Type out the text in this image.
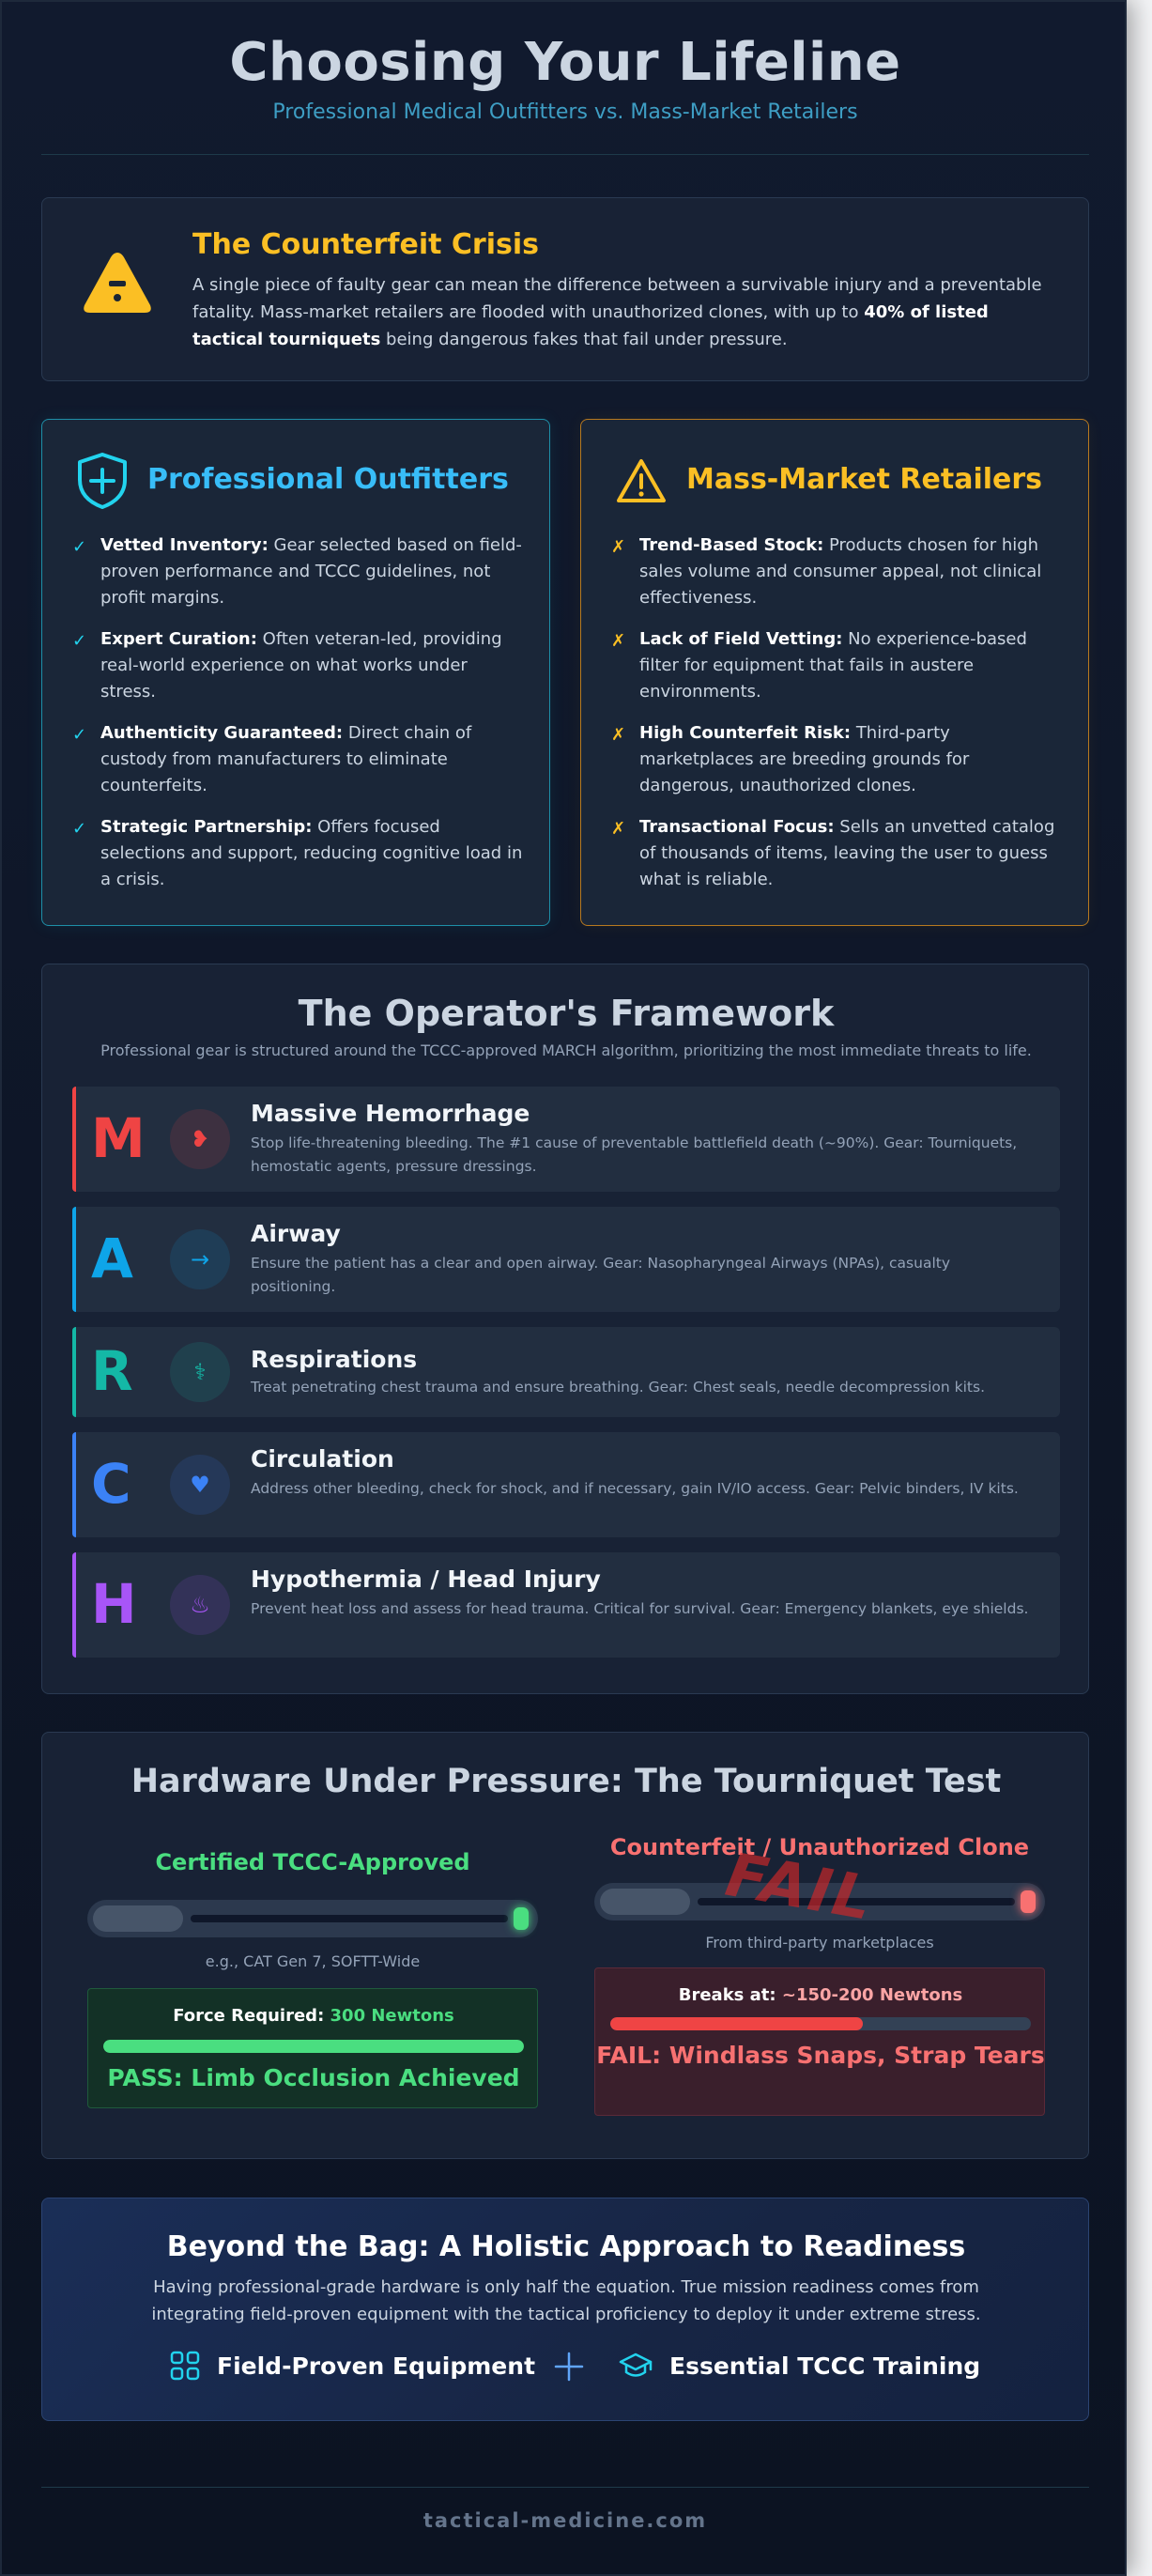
Choosing Your Lifeline
Professional Medical Outfitters vs. Mass-Market Retailers
The Counterfeit Crisis

A single piece of faulty gear can mean the difference between a survivable injury and a preventable fatality. Mass-market retailers are flooded with unauthorized clones, with up to 40% of listed tactical tourniquets being dangerous fakes that fail under pressure.

Professional Outfitters
✓ Vetted Inventory: Gear selected based on field-proven performance and TCCC guidelines, not profit margins.
✓ Expert Curation: Often veteran-led, providing real-world experience on what works under stress.
✓ Authenticity Guaranteed: Direct chain of custody from manufacturers to eliminate counterfeits.
✓ Strategic Partnership: Offers focused selections and support, reducing cognitive load in a crisis.
Mass-Market Retailers
✗ Trend-Based Stock: Products chosen for high sales volume and consumer appeal, not clinical effectiveness.
✗ Lack of Field Vetting: No experience-based filter for equipment that fails in austere environments.
✗ High Counterfeit Risk: Third-party marketplaces are breeding grounds for dangerous, unauthorized clones.
✗ Transactional Focus: Sells an unvetted catalog of thousands of items, leaving the user to guess what is reliable.
The Operator's Framework
Professional gear is structured around the TCCC-approved MARCH algorithm, prioritizing the most immediate threats to life.
M	❥
Massive Hemorrhage
Stop life-threatening bleeding. The #1 cause of preventable battlefield death (~90%). Gear: Tourniquets, hemostatic agents, pressure dressings.
A	→
Airway
Ensure the patient has a clear and open airway. Gear: Nasopharyngeal Airways (NPAs), casualty positioning.
R	⚕	Respirations
Treat penetrating chest trauma and ensure breathing. Gear: Chest seals, needle decompression kits.
C	♥
Circulation
Address other bleeding, check for shock, and if necessary, gain IV/IO access. Gear: Pelvic binders, IV kits.
H	♨
Hypothermia / Head Injury
Prevent heat loss and assess for head trauma. Critical for survival. Gear: Emergency blankets, eye shields.
Hardware Under Pressure: The Tourniquet Test
Certified TCCC-Approved
e.g., CAT Gen 7, SOFTT-Wide
Force Required: 300 Newtons
PASS: Limb Occlusion Achieved
Counterfeit / Unauthorized Clone
FAIL
From third-party marketplaces
Breaks at: ~150-200 Newtons
FAIL: Windlass Snaps, Strap Tears
Beyond the Bag: A Holistic Approach to Readiness

Having professional-grade hardware is only half the equation. True mission readiness comes from integrating field-proven equipment with the tactical proficiency to deploy it under extreme stress.

Field-Proven Equipment	Essential TCCC Training
tactical-medicine.com
